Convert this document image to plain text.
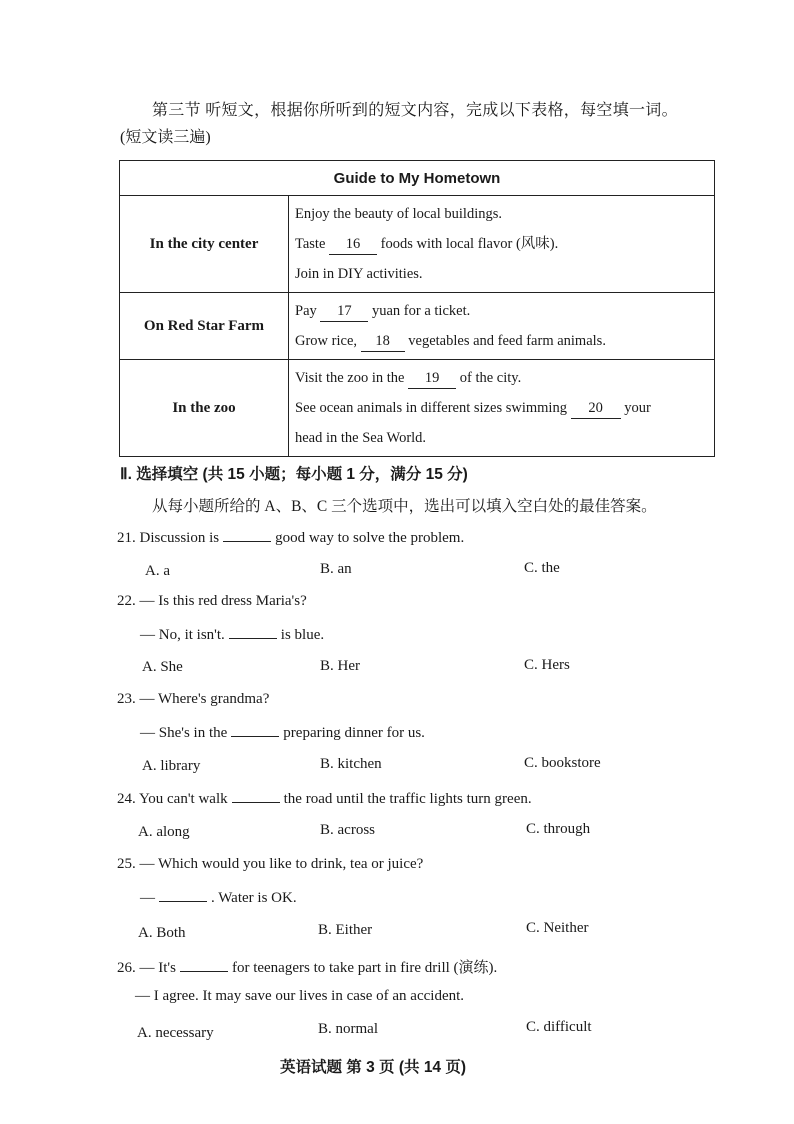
第三节 听短文，根据你所听到的短文内容，完成以下表格，每空填一词。
(短文读三遍)
Guide to My Hometown	
In the city center	Enjoy the beauty of local buildings.
Taste 16 foods with local flavor (风味).
Join in DIY activities.

On Red Star Farm	Pay 17 yuan for a ticket.
Grow rice, 18 vegetables and feed farm animals.

In the zoo	Visit the zoo in the 19 of the city.
See ocean animals in different sizes swimming 20 your
head in the Sea World.
Ⅱ. 选择填空 (共 15 小题；每小题 1 分，满分 15 分)
从每小题所给的 A、B、C 三个选项中，选出可以填入空白处的最佳答案。
21. Discussion is	good way to solve the problem.
A. a	B. an	C. the
22. — Is this red dress Maria's?
— No, it isn't.	is blue.
A. She	B. Her	C. Hers
23. — Where's grandma?
— She's in the	preparing dinner for us.
A. library	B. kitchen	C. bookstore
24. You can't walk	the road until the traffic lights turn green.
A. along	B. across	C. through
25. — Which would you like to drink, tea or juice?
—	. Water is OK.
A. Both	B. Either	C. Neither
26. — It's	for teenagers to take part in fire drill (演练).
— I agree. It may save our lives in case of an accident.
A. necessary	B. normal	C. difficult
英语试题 第 3 页 (共 14 页)
